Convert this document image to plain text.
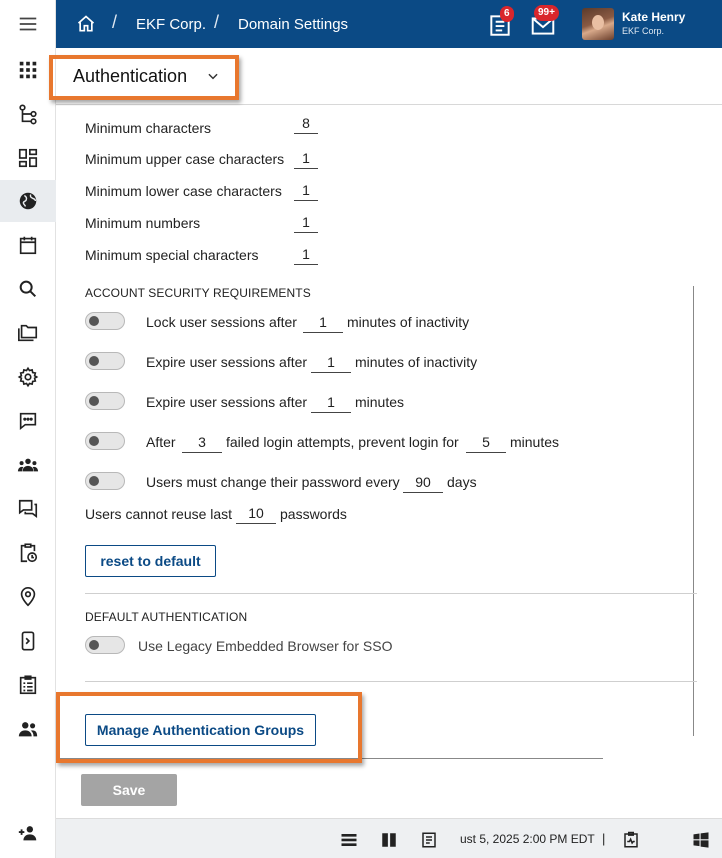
/ EKF Corp. / Domain Settings
6	99+	Kate Henry
EKF Corp.
Authentication
Minimum characters	8
Minimum upper case characters	1
Minimum lower case characters	1
Minimum numbers	1
Minimum special characters	1
ACCOUNT SECURITY REQUIREMENTS
Lock user sessions after	1	minutes of inactivity
Expire user sessions after	1	minutes of inactivity
Expire user sessions after	1	minutes
After	3	failed login attempts, prevent login for	5	minutes
Users must change their password every	90	days
Users cannot reuse last	10	passwords
reset to default
DEFAULT AUTHENTICATION
Use Legacy Embedded Browser for SSO
Manage Authentication Groups
Save
ust 5, 2025 2:00 PM EDT |
